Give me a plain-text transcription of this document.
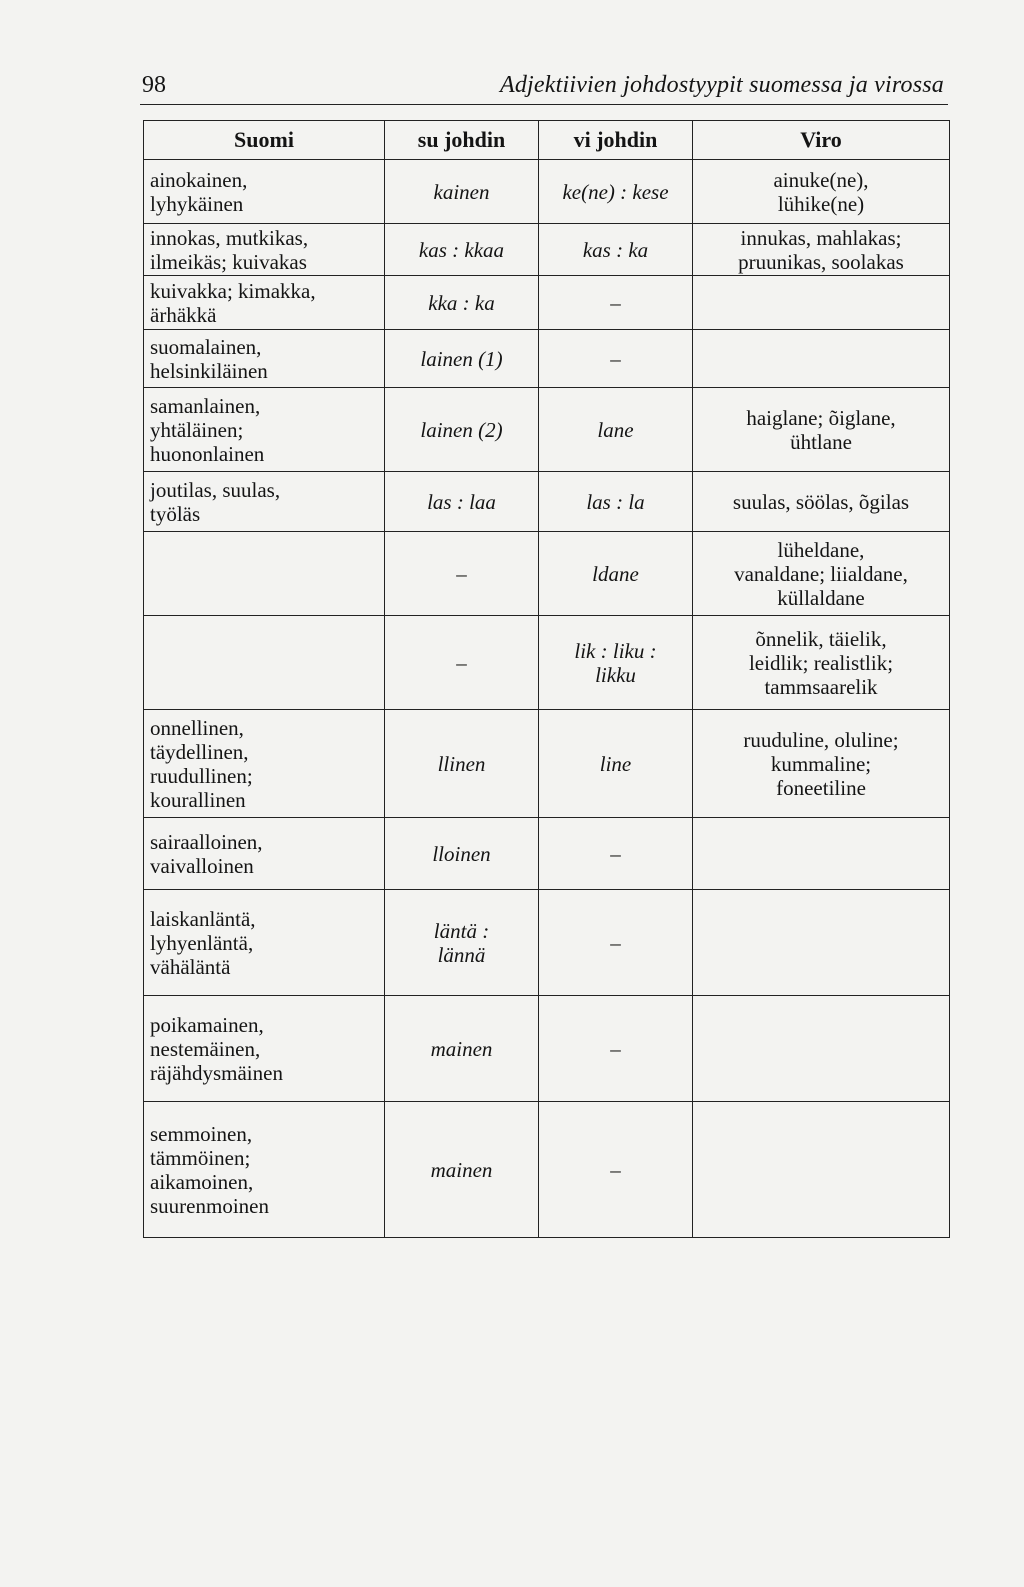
98	Adjektiivien johdostyypit suomessa ja virossa
Suomi	su johdin	vi johdin	Viro

ainokainen,
lyhykäinen	kainen	ke(ne) : kese	ainuke(ne),
lühike(ne)

innokas, mutkikas,
ilmeikäs; kuivakas	kas : kkaa	kas : ka	innukas, mahlakas;
pruunikas, soolakas

kuivakka; kimakka,
ärhäkkä	kka : ka	–	

suomalainen,
helsinkiläinen	lainen (1)	–	

samanlainen,
yhtäläinen;
huononlainen	lainen (2)	lane	haiglane; õiglane,
ühtlane

joutilas, suulas,
työläs	las : laa	las : la	suulas, söölas, õgilas

	–	ldane	lüheldane,
vanaldane; liialdane,
küllaldane

	–	lik : liku :
likku	õnnelik, täielik,
leidlik; realistlik;
tammsaarelik

onnellinen,
täydellinen,
ruudullinen;
kourallinen	llinen	line	ruuduline, oluline;
kummaline;
foneetiline

sairaalloinen,
vaivalloinen	lloinen	–	

laiskanläntä,
lyhyenläntä,
vähäläntä	läntä :
lännä	–	

poikamainen,
nestemäinen,
räjähdysmäinen	mainen	–	

semmoinen,
tämmöinen;
aikamoinen,
suurenmoinen	mainen	–	
